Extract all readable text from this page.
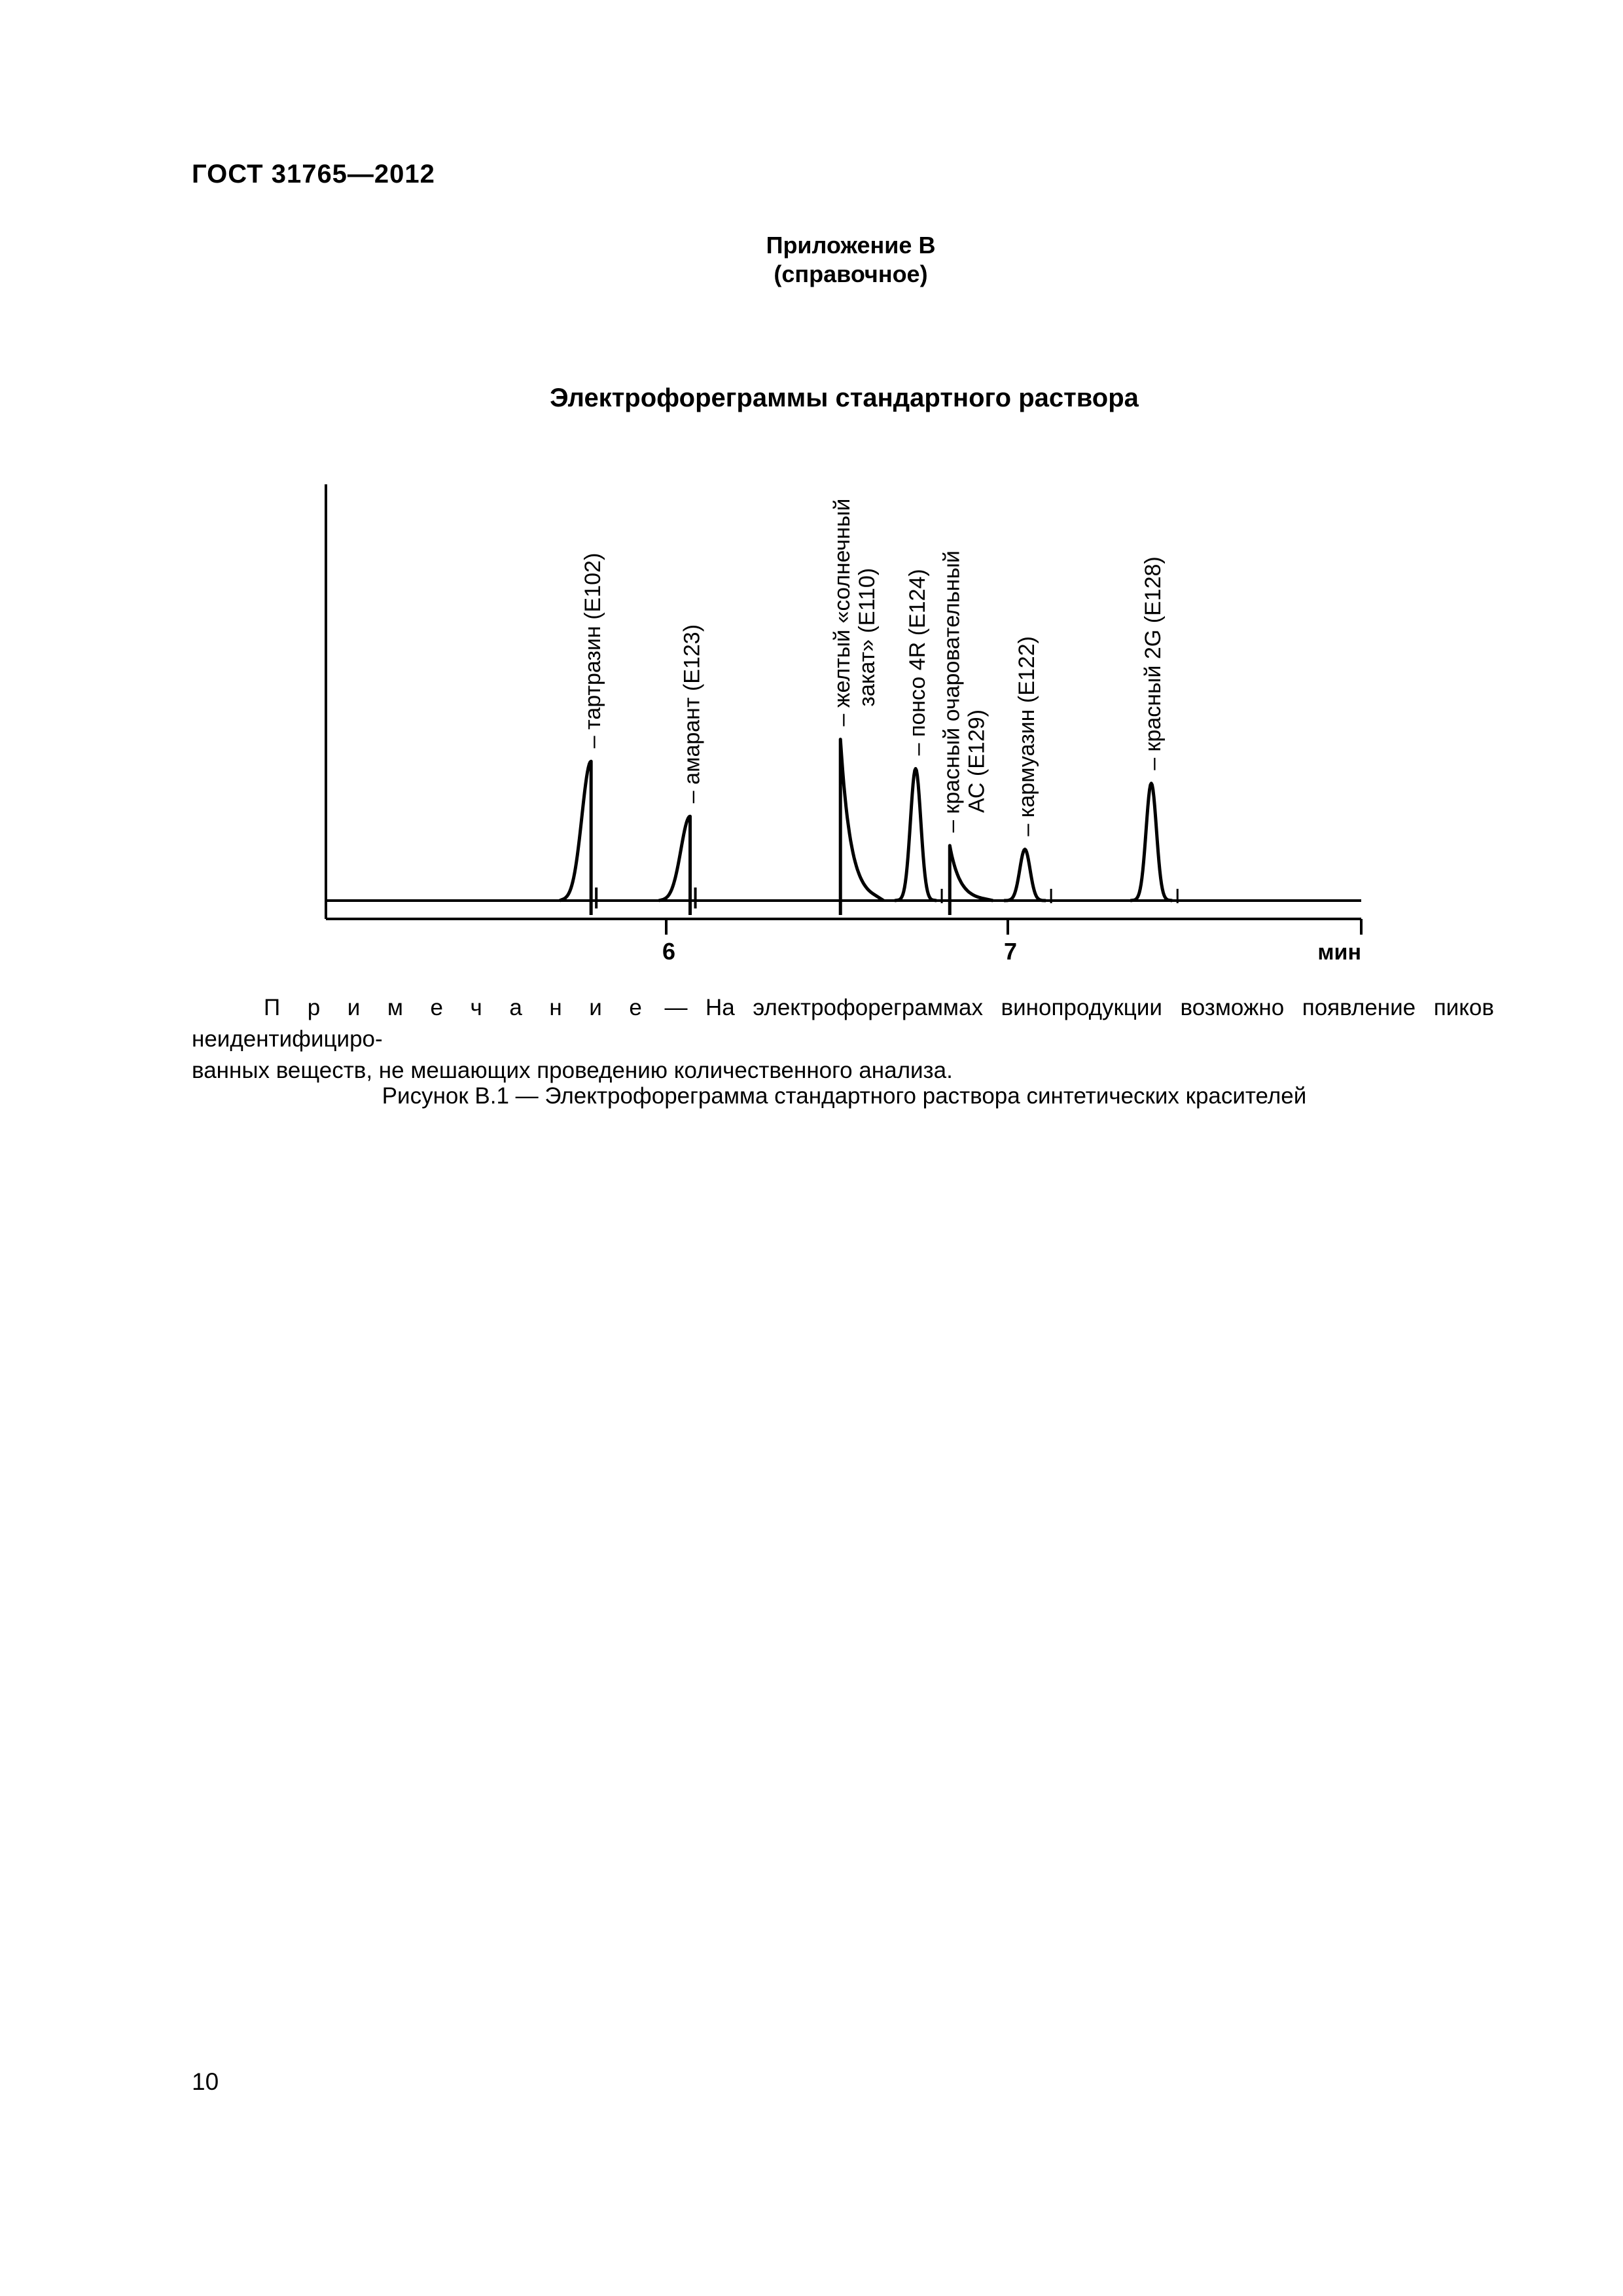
ГОСТ 31765—2012
Приложение В
(справочное)
Электрофореграммы стандартного раствора
6	7	мин
– тартразин (E102)	– амарант (E123)	– желтый «солнечныйзакат» (E110) – понсо 4R (E124) – красный очаровательныйАС (E129) – кармуазин (E122)	– красный 2G (E128)
П р и м е ч а н и е — На электрофореграммах винопродукции возможно появление пиков неидентифициро-
ванных веществ, не мешающих проведению количественного анализа.
Рисунок В.1 — Электрофореграмма стандартного раствора синтетических красителей
10
